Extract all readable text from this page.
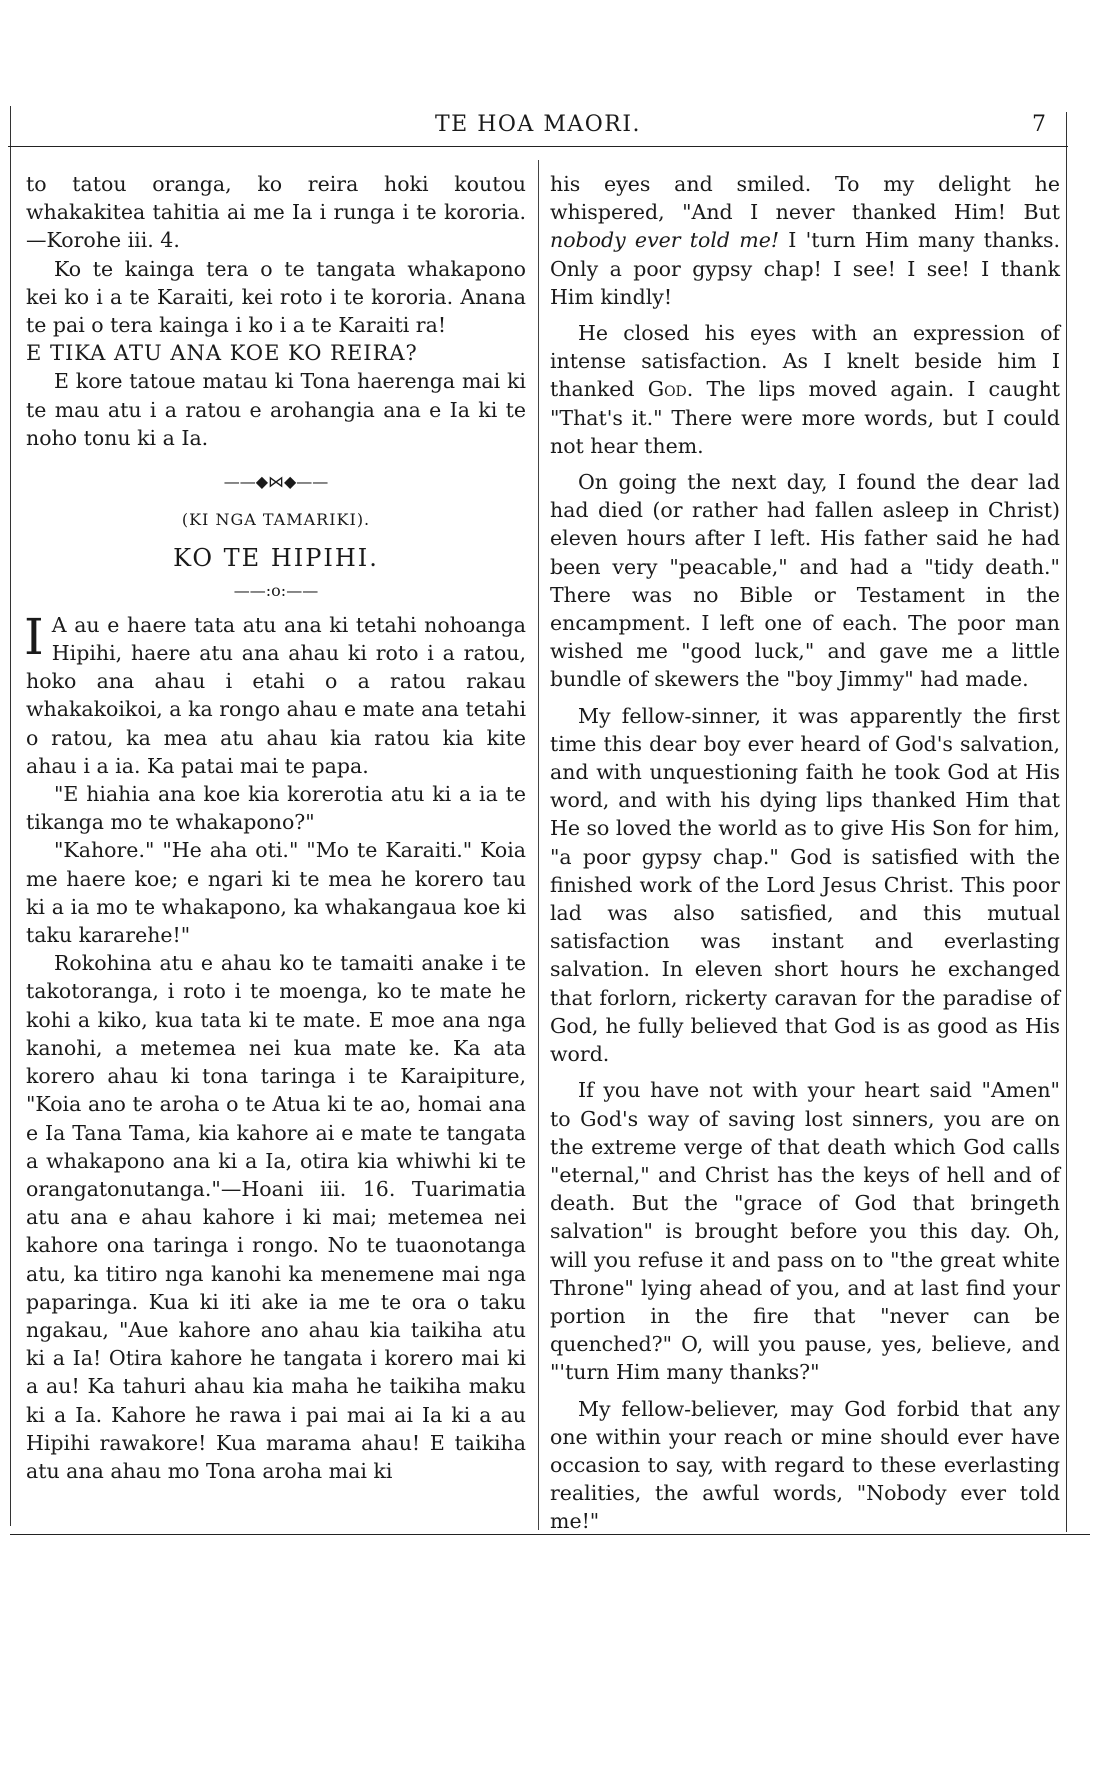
TE HOA MAORI.	7

to tatou oranga, ko reira hoki koutou whakakitea tahitia ai me Ia i runga i te kororia.—Korohe iii. 4.

Ko te kainga tera o te tangata whakapono kei ko i a te Karaiti, kei roto i te kororia. Anana te pai o tera kainga i ko i a te Karaiti ra!

E TIKA ATU ANA KOE KO REIRA?

E kore tatoue matau ki Tona haerenga mai ki te mau atu i a ratou e arohangia ana e Ia ki te noho tonu ki a Ia.

——◆⋈◆——
(KI NGA TAMARIKI).
KO TE HIPIHI.
——:o:——
I A au e haere tata atu ana ki tetahi nohoanga Hipihi, haere atu ana ahau ki roto i a ratou, hoko ana ahau i etahi o a ratou rakau whakakoikoi, a ka rongo ahau e mate ana tetahi o ratou, ka mea atu ahau kia ratou kia kite ahau i a ia. Ka patai mai te papa.

"E hiahia ana koe kia korerotia atu ki a ia te tikanga mo te whakapono?"

"Kahore." "He aha oti." "Mo te Karaiti." Koia me haere koe; e ngari ki te mea he korero tau ki a ia mo te whakapono, ka whakangaua koe ki taku kararehe!"

Rokohina atu e ahau ko te tamaiti anake i te takotoranga, i roto i te moenga, ko te mate he kohi a kiko, kua tata ki te mate. E moe ana nga kanohi, a metemea nei kua mate ke. Ka ata korero ahau ki tona taringa i te Karaipiture, "Koia ano te aroha o te Atua ki te ao, homai ana e Ia Tana Tama, kia kahore ai e mate te tangata a whakapono ana ki a Ia, otira kia whiwhi ki te orangatonutanga."—Hoani iii. 16. Tuarimatia atu ana e ahau kahore i ki mai; metemea nei kahore ona taringa i rongo. No te tuaonotanga atu, ka titiro nga kanohi ka menemene mai nga paparinga. Kua ki iti ake ia me te ora o taku ngakau, "Aue kahore ano ahau kia taikiha atu ki a Ia! Otira kahore he tangata i korero mai ki a au! Ka tahuri ahau kia maha he taikiha maku ki a Ia. Kahore he rawa i pai mai ai Ia ki a au Hipihi rawakore! Kua marama ahau! E taikiha atu ana ahau mo Tona aroha mai ki

his eyes and smiled. To my delight he whispered, "And I never thanked Him! But nobody ever told me! I 'turn Him many thanks. Only a poor gypsy chap! I see! I see! I thank Him kindly!

He closed his eyes with an expression of intense satisfaction. As I knelt beside him I thanked God. The lips moved again. I caught "That's it." There were more words, but I could not hear them.

On going the next day, I found the dear lad had died (or rather had fallen asleep in Christ) eleven hours after I left. His father said he had been very "peacable," and had a "tidy death." There was no Bible or Testament in the encampment. I left one of each. The poor man wished me "good luck," and gave me a little bundle of skewers the "boy Jimmy" had made.

My fellow-sinner, it was apparently the first time this dear boy ever heard of God's salvation, and with unquestioning faith he took God at His word, and with his dying lips thanked Him that He so loved the world as to give His Son for him, "a poor gypsy chap." God is satisfied with the finished work of the Lord Jesus Christ. This poor lad was also satisfied, and this mutual satisfaction was instant and everlasting salvation. In eleven short hours he exchanged that forlorn, rickerty caravan for the paradise of God, he fully believed that God is as good as His word.

If you have not with your heart said "Amen" to God's way of saving lost sinners, you are on the extreme verge of that death which God calls "eternal," and Christ has the keys of hell and of death. But the "grace of God that bringeth salvation" is brought before you this day. Oh, will you refuse it and pass on to "the great white Throne" lying ahead of you, and at last find your portion in the fire that "never can be quenched?" O, will you pause, yes, believe, and "'turn Him many thanks?"

My fellow-believer, may God forbid that any one within your reach or mine should ever have occasion to say, with regard to these everlasting realities, the awful words, "Nobody ever told me!"
